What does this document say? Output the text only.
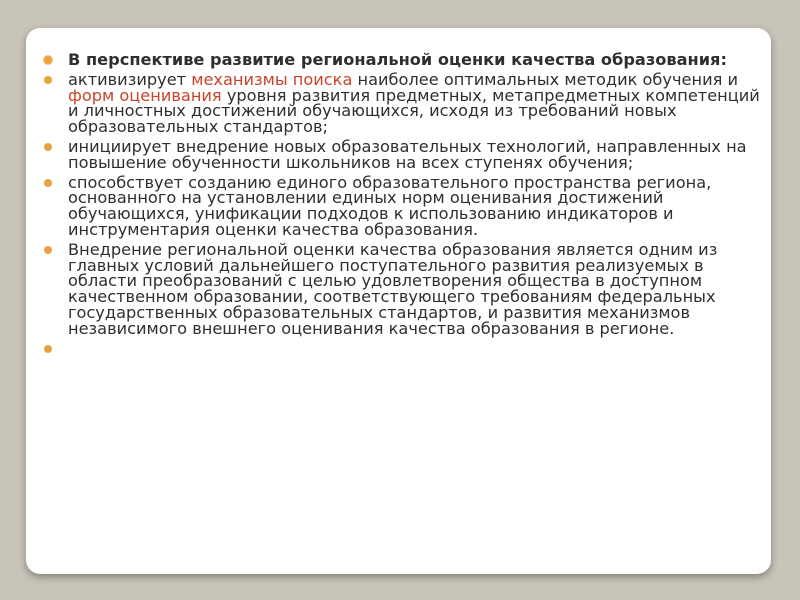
В перспективе развитие региональной оценки качества образования:
активизирует механизмы поиска наиболее оптимальных методик обучения и форм оценивания уровня развития предметных, метапредметных компетенций и личностных достижений обучающихся, исходя из требований новых образовательных стандартов;
инициирует внедрение новых образовательных технологий, направленных на повышение обученности школьников на всех ступенях обучения;
способствует созданию единого образовательного пространства региона, основанного на установлении единых норм оценивания достижений обучающихся, унификации подходов к использованию индикаторов и инструментария оценки качества образования.
Внедрение региональной оценки качества образования является одним из главных условий дальнейшего поступательного развития реализуемых в области преобразований с целью удовлетворения общества в доступном качественном образовании, соответствующего требованиям федеральных государственных образовательных стандартов, и развития механизмов независимого внешнего оценивания качества образования в регионе.
